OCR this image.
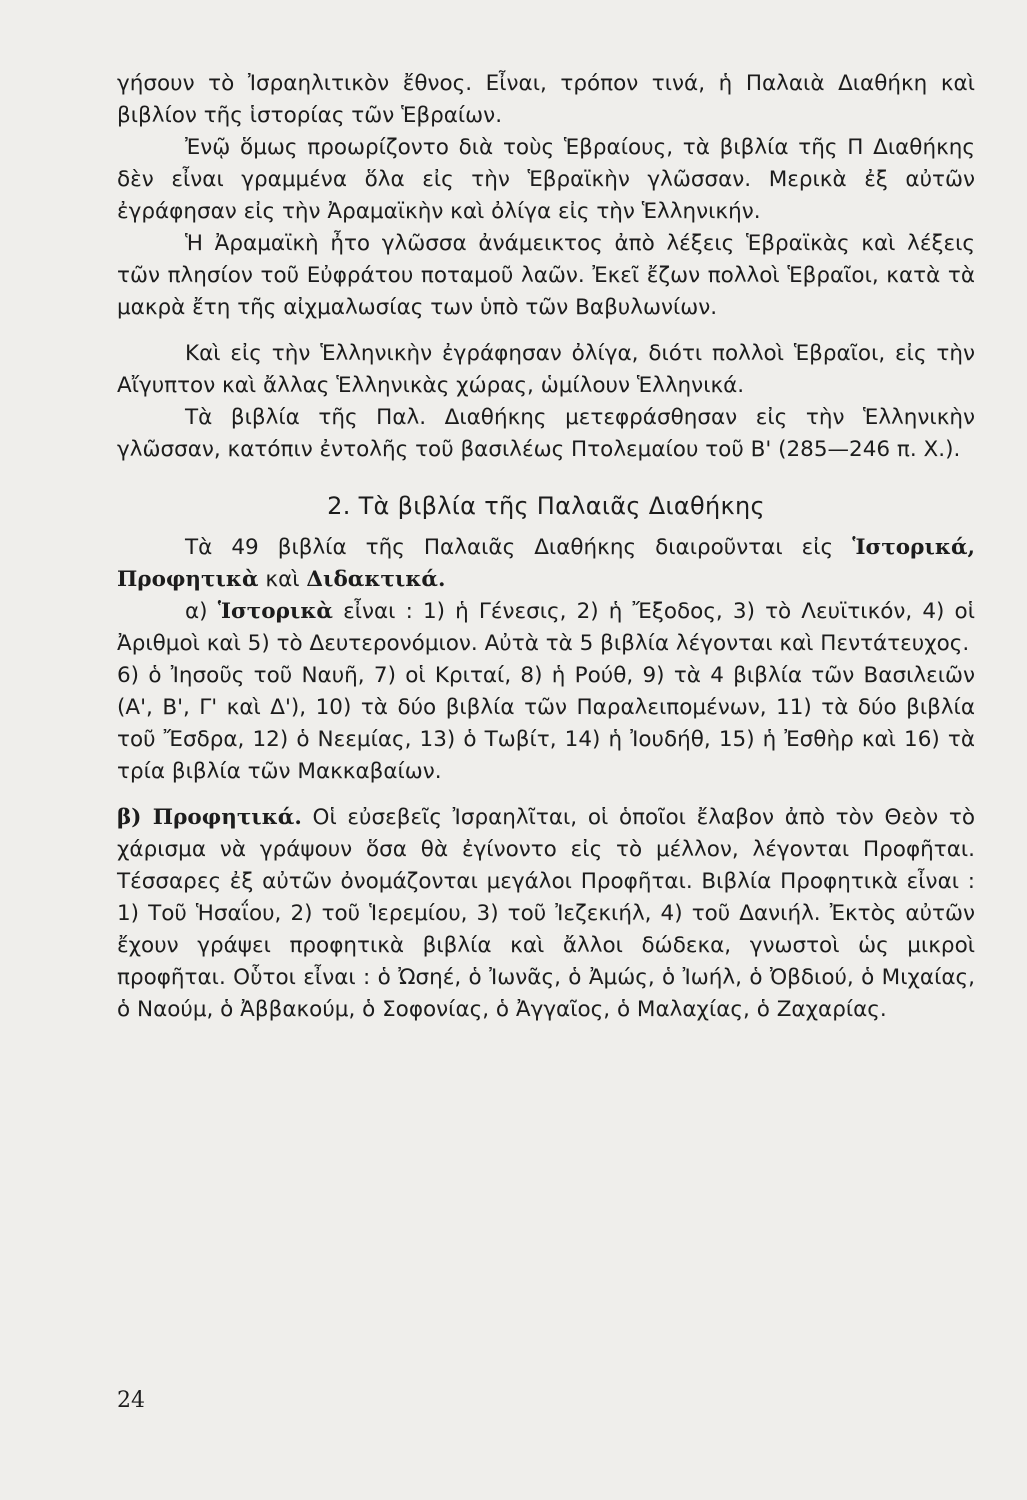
γήσουν τὸ Ἰσραηλιτικὸν ἔθνος. Εἶναι, τρόπον τινά, ἡ Παλαιὰ Διαθήκη καὶ βιβλίον τῆς ἱστορίας τῶν Ἑβραίων.

Ἐνῷ ὅμως προωρίζοντο διὰ τοὺς Ἑβραίους, τὰ βιβλία τῆς Π Διαθήκης δὲν εἶναι γραμμένα ὅλα εἰς τὴν Ἑβραϊκὴν γλῶσσαν. Μερικὰ ἐξ αὐτῶν ἐγράφησαν εἰς τὴν Ἀραμαϊκὴν καὶ ὀλίγα εἰς τὴν Ἑλληνικήν.

Ἡ Ἀραμαϊκὴ ἦτο γλῶσσα ἀνάμεικτος ἀπὸ λέξεις Ἑβραϊκὰς καὶ λέξεις τῶν πλησίον τοῦ Εὐφράτου ποταμοῦ λαῶν. Ἐκεῖ ἔζων πολλοὶ Ἑβραῖοι, κατὰ τὰ μακρὰ ἔτη τῆς αἰχμαλωσίας των ὑπὸ τῶν Βαβυλωνίων.

Καὶ εἰς τὴν Ἑλληνικὴν ἐγράφησαν ὀλίγα, διότι πολλοὶ Ἑβραῖοι, εἰς τὴν Αἴγυπτον καὶ ἄλλας Ἑλληνικὰς χώρας, ὡμίλουν Ἑλληνικά.

Τὰ βιβλία τῆς Παλ. Διαθήκης μετεφράσθησαν εἰς τὴν Ἑλληνικὴν γλῶσσαν, κατόπιν ἐντολῆς τοῦ βασιλέως Πτολεμαίου τοῦ Β' (285—246 π. Χ.).

2. Τὰ βιβλία τῆς Παλαιᾶς Διαθήκης

Τὰ 49 βιβλία τῆς Παλαιᾶς Διαθήκης διαιροῦνται εἰς Ἱστορικά, Προφητικὰ καὶ Διδακτικά.

α) Ἱστορικὰ εἶναι : 1) ἡ Γένεσις, 2) ἡ Ἔξοδος, 3) τὸ Λευϊτικόν, 4) οἱ Ἀριθμοὶ καὶ 5) τὸ Δευτερονόμιον. Αὐτὰ τὰ 5 βιβλία λέγονται καὶ Πεντάτευχος.

6) ὁ Ἰησοῦς τοῦ Ναυῆ, 7) οἱ Κριταί, 8) ἡ Ρούθ, 9) τὰ 4 βιβλία τῶν Βασιλειῶν (Α', Β', Γ' καὶ Δ'), 10) τὰ δύο βιβλία τῶν Παραλειπομένων, 11) τὰ δύο βιβλία τοῦ Ἔσδρα, 12) ὁ Νεεμίας, 13) ὁ Τωβίτ, 14) ἡ Ἰουδήθ, 15) ἡ Ἐσθὴρ καὶ 16) τὰ τρία βιβλία τῶν Μακκαβαίων.

β) Προφητικά. Οἱ εὐσεβεῖς Ἰσραηλῖται, οἱ ὁποῖοι ἔλαβον ἀπὸ τὸν Θεὸν τὸ χάρισμα νὰ γράψουν ὅσα θὰ ἐγίνοντο εἰς τὸ μέλλον, λέγονται Προφῆται. Τέσσαρες ἐξ αὐτῶν ὀνομάζονται μεγάλοι Προφῆται. Βιβλία Προφητικὰ εἶναι : 1) Τοῦ Ἡσαΐου, 2) τοῦ Ἱερεμίου, 3) τοῦ Ἰεζεκιήλ, 4) τοῦ Δανιήλ. Ἐκτὸς αὐτῶν ἔχουν γράψει προφητικὰ βιβλία καὶ ἄλλοι δώδεκα, γνωστοὶ ὡς μικροὶ προφῆται. Οὗτοι εἶναι : ὁ Ὠσηέ, ὁ Ἰωνᾶς, ὁ Ἀμώς, ὁ Ἰωήλ, ὁ Ὀβδιού, ὁ Μιχαίας, ὁ Ναούμ, ὁ Ἀββακούμ, ὁ Σοφονίας, ὁ Ἀγγαῖος, ὁ Μαλαχίας, ὁ Ζαχαρίας.

24
